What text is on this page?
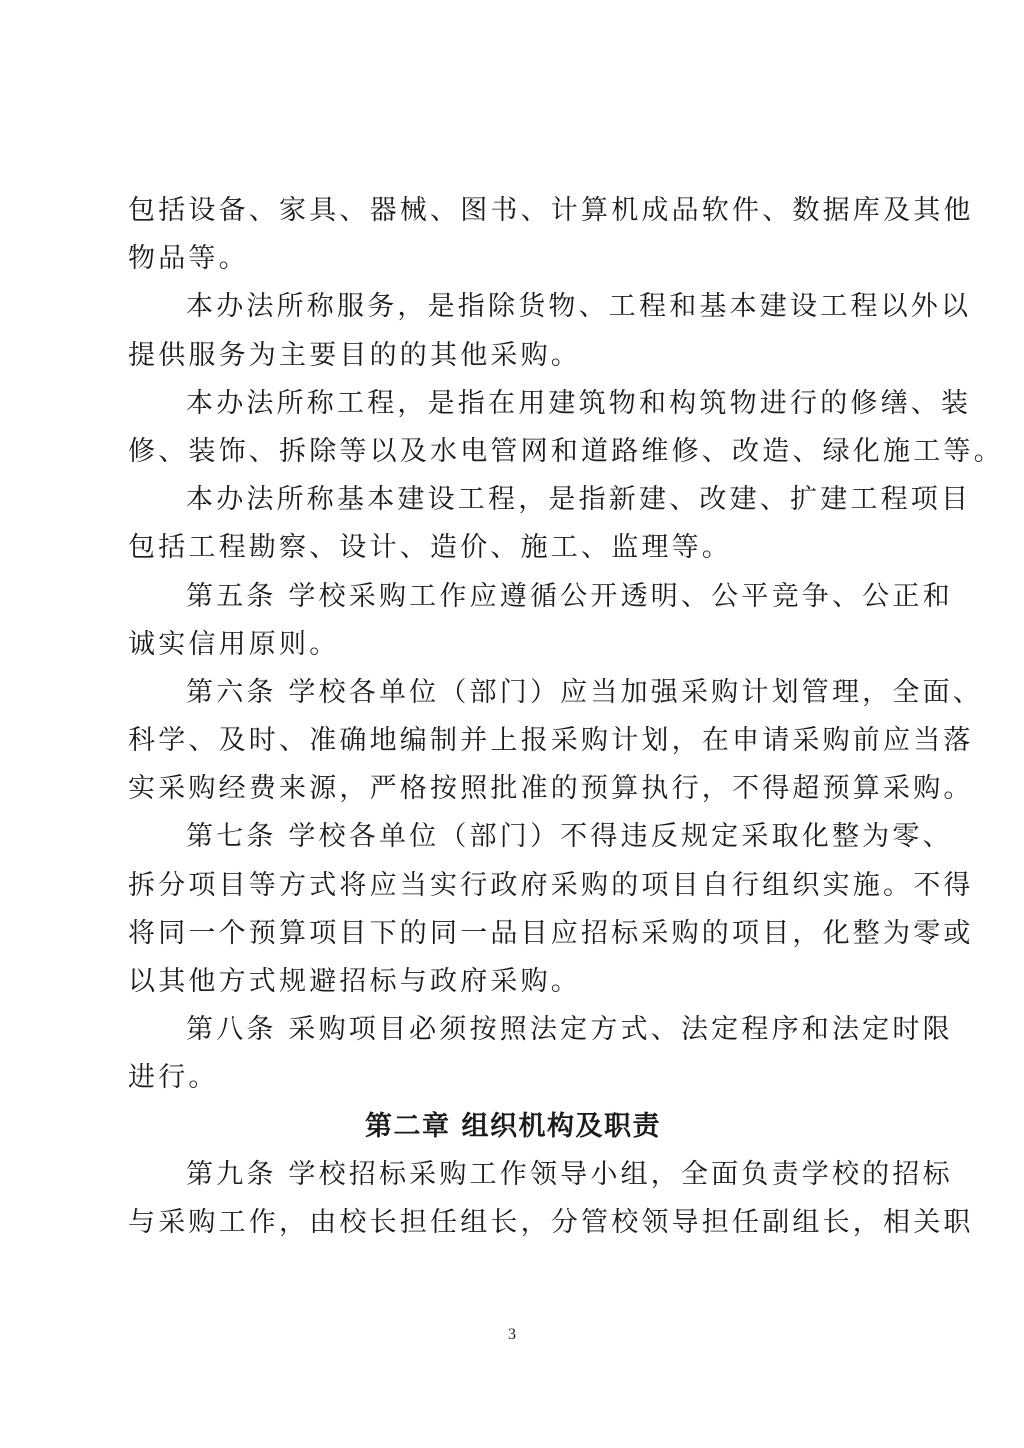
包括设备、家具、器械、图书、计算机成品软件、数据库及其他
物品等。
本办法所称服务，是指除货物、工程和基本建设工程以外以
提供服务为主要目的的其他采购。
本办法所称工程，是指在用建筑物和构筑物进行的修缮、装
修、装饰、拆除等以及水电管网和道路维修、改造、绿化施工等。
本办法所称基本建设工程，是指新建、改建、扩建工程项目
包括工程勘察、设计、造价、施工、监理等。
第五条 学校采购工作应遵循公开透明、公平竞争、公正和
诚实信用原则。
第六条 学校各单位（部门）应当加强采购计划管理，全面、
科学、及时、准确地编制并上报采购计划，在申请采购前应当落
实采购经费来源，严格按照批准的预算执行，不得超预算采购。
第七条 学校各单位（部门）不得违反规定采取化整为零、
拆分项目等方式将应当实行政府采购的项目自行组织实施。不得
将同一个预算项目下的同一品目应招标采购的项目，化整为零或
以其他方式规避招标与政府采购。
第八条 采购项目必须按照法定方式、法定程序和法定时限
进行。
第二章 组织机构及职责
第九条 学校招标采购工作领导小组，全面负责学校的招标
与采购工作，由校长担任组长，分管校领导担任副组长，相关职
3
